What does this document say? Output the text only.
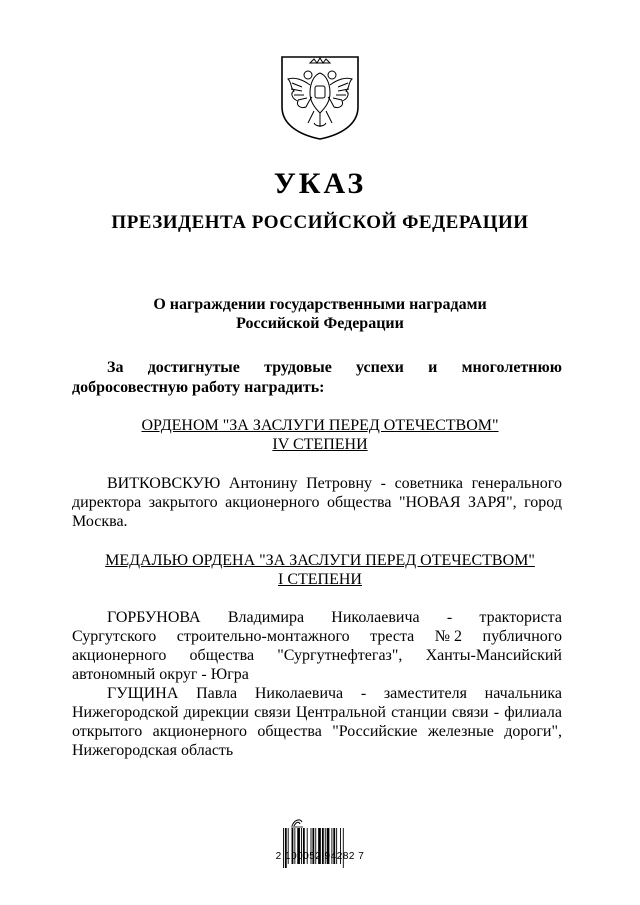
УКАЗ
ПРЕЗИДЕНТА РОССИЙСКОЙ ФЕДЕРАЦИИ
О награждении государственными наградами
Российской Федерации
За достигнутые трудовые успехи и многолетнюю
добросовестную работу наградить:
ОРДЕНОМ "ЗА ЗАСЛУГИ ПЕРЕД ОТЕЧЕСТВОМ"
IV СТЕПЕНИ
ВИТКОВСКУЮ Антонину Петровну - советника генерального
директора закрытого акционерного общества "НОВАЯ ЗАРЯ", город
Москва.
МЕДАЛЬЮ ОРДЕНА "ЗА ЗАСЛУГИ ПЕРЕД ОТЕЧЕСТВОМ"
I СТЕПЕНИ
ГОРБУНОВА Владимира Николаевича - тракториста
Сургутского строительно-монтажного треста № 2 публичного
акционерного общества "Сургутнефтегаз", Ханты-Мансийский
автономный округ - Югра
ГУЩИНА Павла Николаевича - заместителя начальника
Нижегородской дирекции связи Центральной станции связи - филиала
открытого акционерного общества "Российские железные дороги",
Нижегородская область
2 100052 94282 7
